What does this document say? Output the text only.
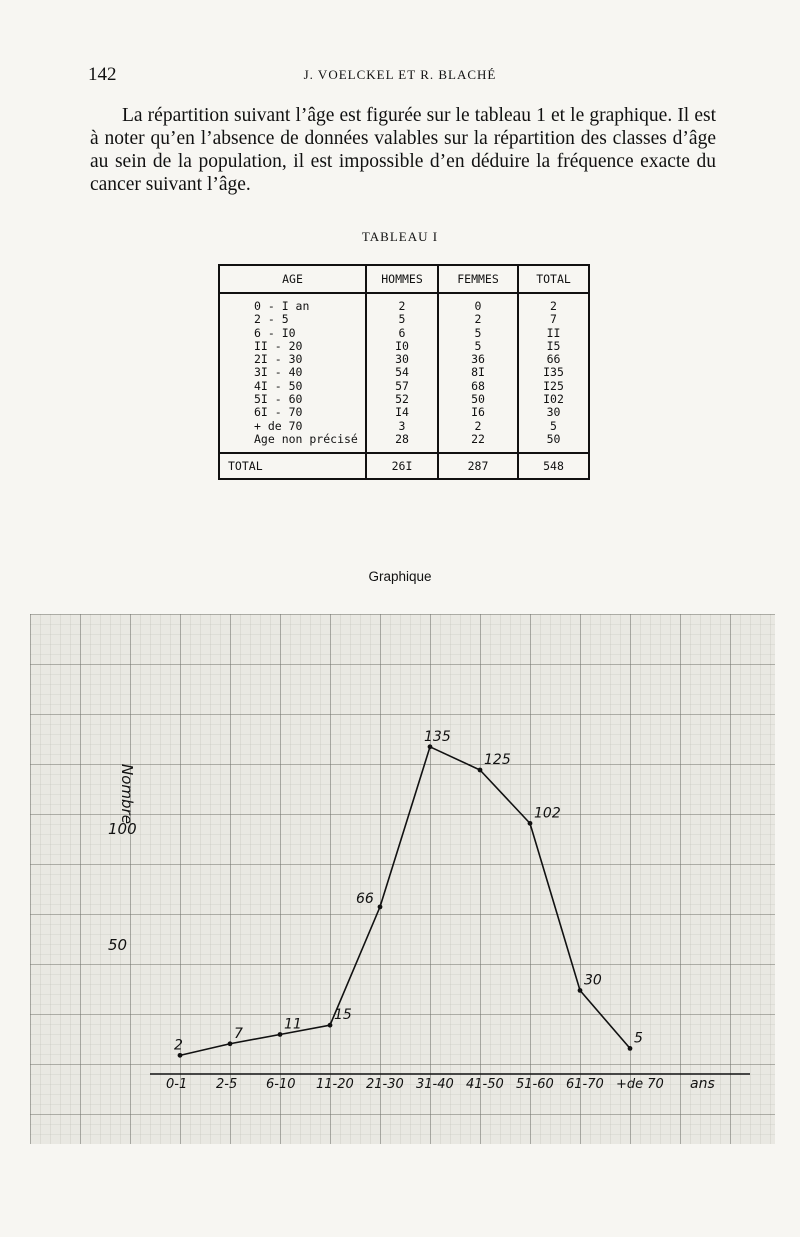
142	J. VOELCKEL ET R. BLACHÉ

La répartition suivant l’âge est figurée sur le tableau 1 et le graphique. Il est à noter qu’en l’absence de données valables sur la répartition des classes d’âge au sein de la population, il est impossible d’en déduire la fréquence exacte du cancer suivant l’âge.

TABLEAU I
AGE	HOMMES	FEMMES	TOTAL
0 - I an	2	0	2
2 - 5	5	2	7
6 - I0	6	5	II
II - 20	I0	5	I5
2I - 30	30	36	66
3I - 40	54	8I	I35
4I - 50	57	68	I25
5I - 60	52	50	I02
6I - 70	I4	I6	30
+ de 70	3	2	5
Age non précisé	28	22	50
TOTAL	26I	287	548
Graphique
50
100
Nombre
0-1 2-5 6-10 11-20 21-30 31-40 41-50 51-60 61-70 +de 70 ans
2
7
11
15
66
135
125
102
30
5
